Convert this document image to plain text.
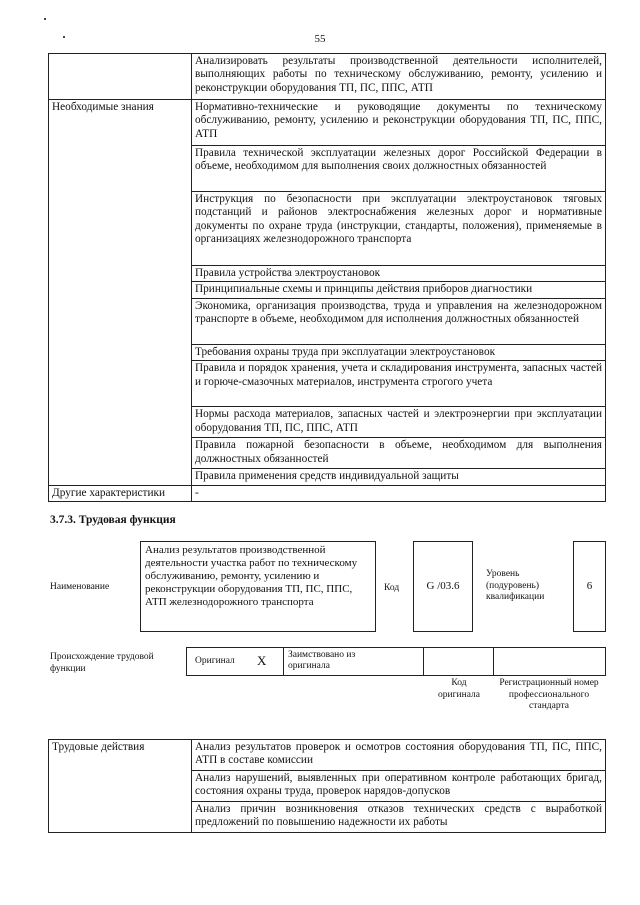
55
	Анализировать результаты производственной деятельности исполнителей, выполняющих работы по техническому обслуживанию, ремонту, усилению и реконструкции оборудования ТП, ПС, ППС, АТП
Необходимые знания	Нормативно-технические и руководящие документы по техническому обслуживанию, ремонту, усилению и реконструкции оборудования ТП, ПС, ППС, АТП
	Правила технической эксплуатации железных дорог Российской Федерации в объеме, необходимом для выполнения своих должностных обязанностей
	Инструкция по безопасности при эксплуатации электроустановок тяговых подстанций и районов электроснабжения железных дорог и нормативные документы по охране труда (инструкции, стандарты, положения), применяемые в организациях железнодорожного транспорта
	Правила устройства электроустановок
	Принципиальные схемы и принципы действия приборов диагностики
	Экономика, организация производства, труда и управления на железнодорожном транспорте в объеме, необходимом для исполнения должностных обязанностей
	Требования охраны труда при эксплуатации электроустановок
	Правила и порядок хранения, учета и складирования инструмента, запасных частей и горюче-смазочных материалов, инструмента строгого учета
	Нормы расхода материалов, запасных частей и электроэнергии при эксплуатации оборудования ТП, ПС, ППС, АТП
	Правила пожарной безопасности в объеме, необходимом для выполнения должностных обязанностей
	Правила применения средств индивидуальной защиты
Другие характеристики	-
3.7.3. Трудовая функция
Наименование
Анализ результатов производственной деятельности участка работ по техническому обслуживанию, ремонту, усилению и реконструкции оборудования ТП, ПС, ППС, АТП железнодорожного транспорта
Код G /03.6
Уровень (подуровень) квалификации
6
Происхождение трудовой функции
Оригинал X Заимствовано из оригинала
Код оригинала
Регистрационный номер профессионального стандарта
Трудовые действия	Анализ результатов проверок и осмотров состояния оборудования ТП, ПС, ППС, АТП в составе комиссии
Анализ нарушений, выявленных при оперативном контроле работающих бригад, состояния охраны труда, проверок нарядов-допусков
Анализ причин возникновения отказов технических средств с выработкой предложений по повышению надежности их работы
